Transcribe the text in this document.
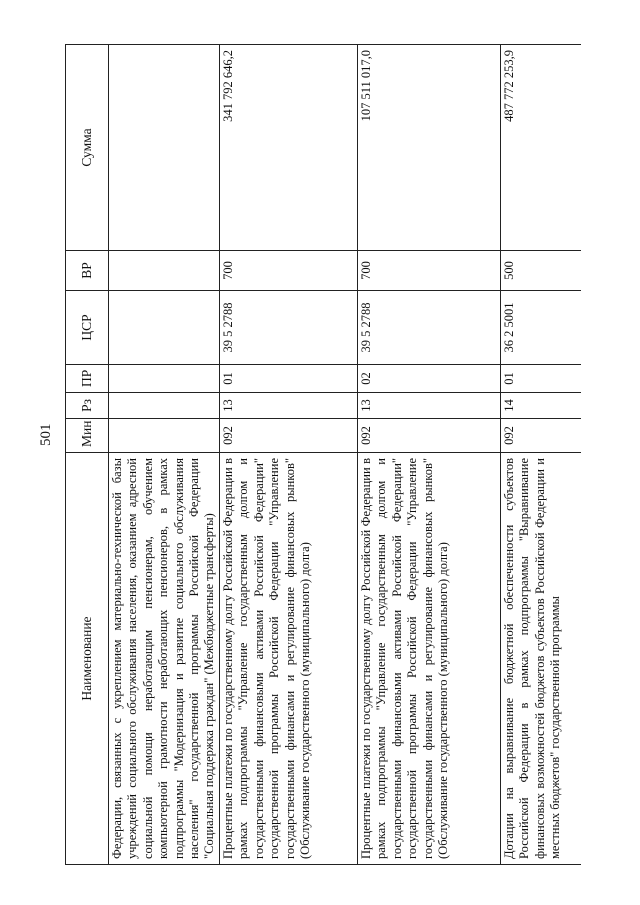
501
Наименование	Мин	Рз	ПР	ЦСР	ВР	Сумма
Федерации, связанных с укреплением материально-технической базы учреждений социального обслуживания населения, оказанием адресной социальной помощи неработающим пенсионерам, обучением компьютерной грамотности неработающих пенсионеров, в рамках подпрограммы "Модернизация и развитие социального обслуживания населения" государственной программы Российской Федерации "Социальная поддержка граждан" (Межбюджетные трансферты)						
Процентные платежи по государственному долгу Российской Федерации в рамках подпрограммы "Управление государственным долгом и государственными финансовыми активами Российской Федерации" государственной программы Российской Федерации "Управление государственными финансами и регулирование финансовых рынков" (Обслуживание государственного (муниципального) долга)	092	13	01	39 5 2788	700	341 792 646,2
Процентные платежи по государственному долгу Российской Федерации в рамках подпрограммы "Управление государственным долгом и государственными финансовыми активами Российской Федерации" государственной программы Российской Федерации "Управление государственными финансами и регулирование финансовых рынков" (Обслуживание государственного (муниципального) долга)	092	13	02	39 5 2788	700	107 511 017,0
Дотации на выравнивание бюджетной обеспеченности субъектов Российской Федерации в рамках подпрограммы "Выравнивание финансовых возможностей бюджетов субъектов Российской Федерации и местных бюджетов" государственной программы	092	14	01	36 2 5001	500	487 772 253,9
